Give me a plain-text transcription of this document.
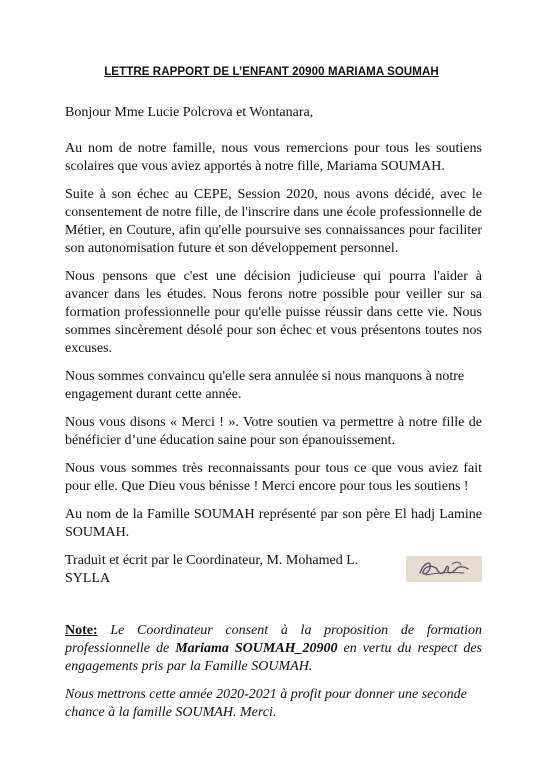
LETTRE RAPPORT DE L’ENFANT 20900 MARIAMA SOUMAH

Bonjour Mme Lucie Polcrova et Wontanara,

Au nom de notre famille, nous vous remercions pour tous les soutiens scolaires que vous aviez apportés à notre fille, Mariama SOUMAH.

Suite à son échec au CEPE, Session 2020, nous avons décidé, avec le consentement de notre fille, de l'inscrire dans une école professionnelle de Métier, en Couture, afin qu'elle poursuive ses connaissances pour faciliter son autonomisation future et son développement personnel.

Nous pensons que c'est une décision judicieuse qui pourra l'aider à avancer dans les études. Nous ferons notre possible pour veiller sur sa formation professionnelle pour qu'elle puisse réussir dans cette vie. Nous sommes sincèrement désolé pour son échec et vous présentons toutes nos excuses.

Nous sommes convaincu qu'elle sera annulée si nous manquons à notre engagement durant cette année.

Nous vous disons « Merci ! ». Votre soutien va permettre à notre fille de bénéficier d’une éducation saine pour son épanouissement.

Nous vous sommes très reconnaissants pour tous ce que vous aviez fait pour elle. Que Dieu vous bénisse ! Merci encore pour tous les soutiens !

Au nom de la Famille SOUMAH représenté par son père El hadj Lamine SOUMAH.

Traduit et écrit par le Coordinateur, M. Mohamed L. SYLLA

Note: Le Coordinateur consent à la proposition de formation professionnelle de Mariama SOUMAH_20900 en vertu du respect des engagements pris par la Famille SOUMAH.

Nous mettrons cette année 2020-2021 à profit pour donner une seconde chance à la famille SOUMAH. Merci.
